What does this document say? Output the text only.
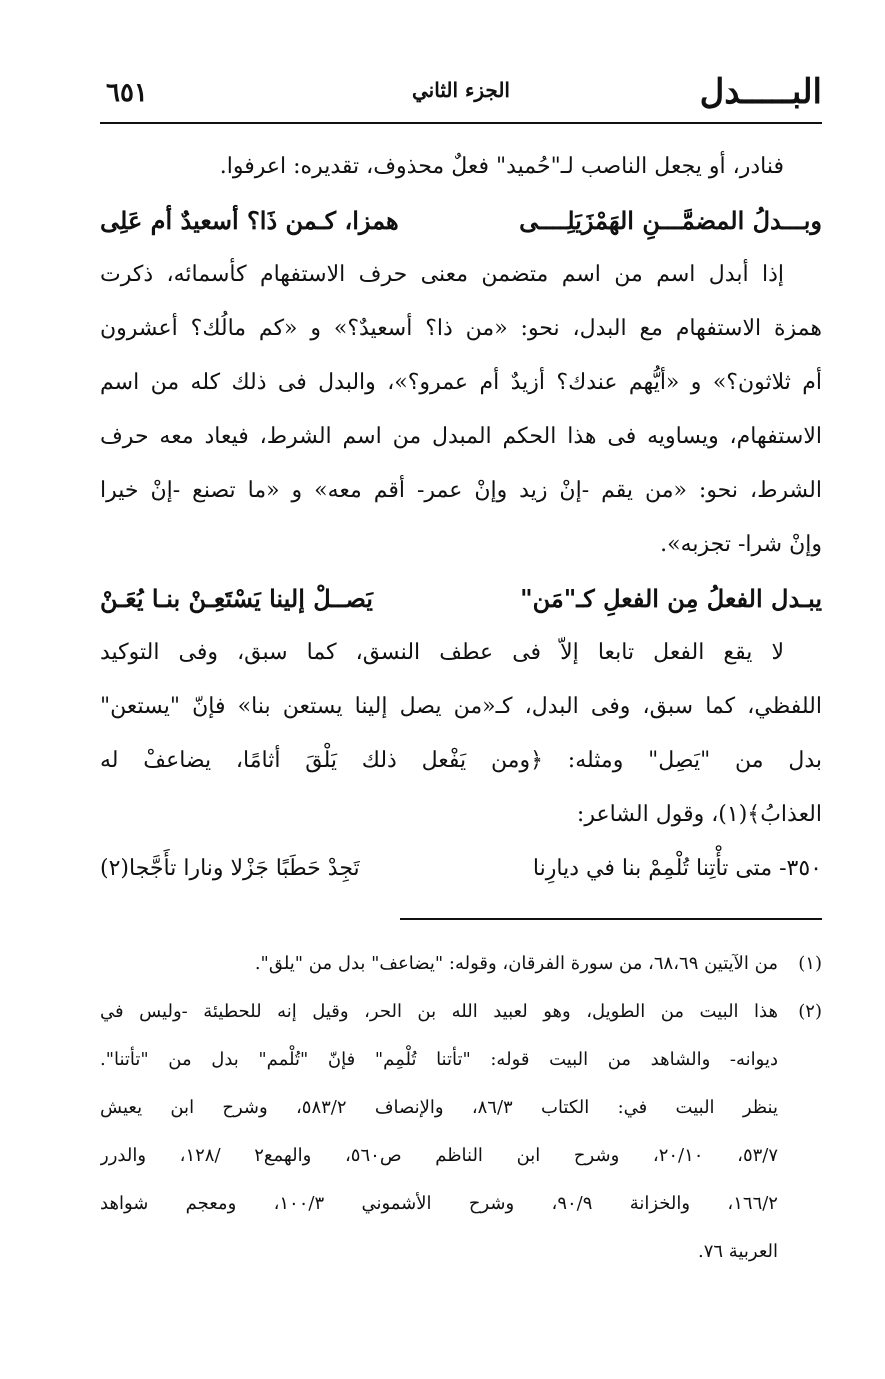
البـــــدل
الجزء الثاني
٦٥١
فنادر، أو يجعل الناصب لـ"حُميد" فعلٌ محذوف، تقديره: اعرفوا.
وبـــدلُ المضمَّـــنِ الهَمْزَيَلِــــى
همزا، كـمن ذَا؟ أسعيدٌ أم عَلِى
إذا أبدل اسم من اسم متضمن معنى حرف الاستفهام كأسمائه، ذكرت
همزة الاستفهام مع البدل، نحو: «من ذا؟ أسعيدٌ؟» و «كم مالُك؟ أعشرون
أم ثلاثون؟» و «أيُّهم عندك؟ أزيدٌ أم عمرو؟»، والبدل فى ذلك كله من اسم
الاستفهام، ويساويه فى هذا الحكم المبدل من اسم الشرط، فيعاد معه حرف
الشرط، نحو: «من يقم -إنْ زيد وإنْ عمر- أقم معه» و «ما تصنع -إنْ خيرا
وإنْ شرا- تجزبه».
يبـدل الفعلُ مِن الفعلِ كـ"مَن"
يَصــلْ إلينا يَسْتَعِـنْ بنـا يُعَـنْ
لا يقع الفعل تابعا إلاّ فى عطف النسق، كما سبق، وفى التوكيد
اللفظي، كما سبق، وفى البدل، كـ«من يصل إلينا يستعن بنا» فإنّ "يستعن"
بدل من "يَصِل" ومثله: ﴿ومن يَفْعل ذلك يَلْقَ أثامًا، يضاعفْ له
العذابُ﴾(١)، وقول الشاعر:
٣٥٠- متى تأْتِنا تُلْمِمْ بنا في ديارِنا
تَجِدْ حَطَبًا جَزْلا ونارا تأَجَّجا(٢)
(١)
من الآيتين ٦٨،٦٩، من سورة الفرقان، وقوله: "يضاعف" بدل من "يلق".
(٢)
هذا البيت من الطويل، وهو لعبيد الله بن الحر، وقيل إنه للحطيئة -وليس في
ديوانه- والشاهد من البيت قوله: "تأتنا تُلْمِم" فإنّ "تُلْمم" بدل من "تأتنا".
ينظر البيت في: الكتاب ٨٦/٣، والإنصاف ٥٨٣/٢، وشرح ابن يعيش
٥٣/٧، ٢٠/١٠، وشرح ابن الناظم ص٥٦٠، والهمع٢ /١٢٨، والدرر
١٦٦/٢، والخزانة ٩٠/٩، وشرح الأشموني ١٠٠/٣، ومعجم شواهد
العربية ٧٦.
